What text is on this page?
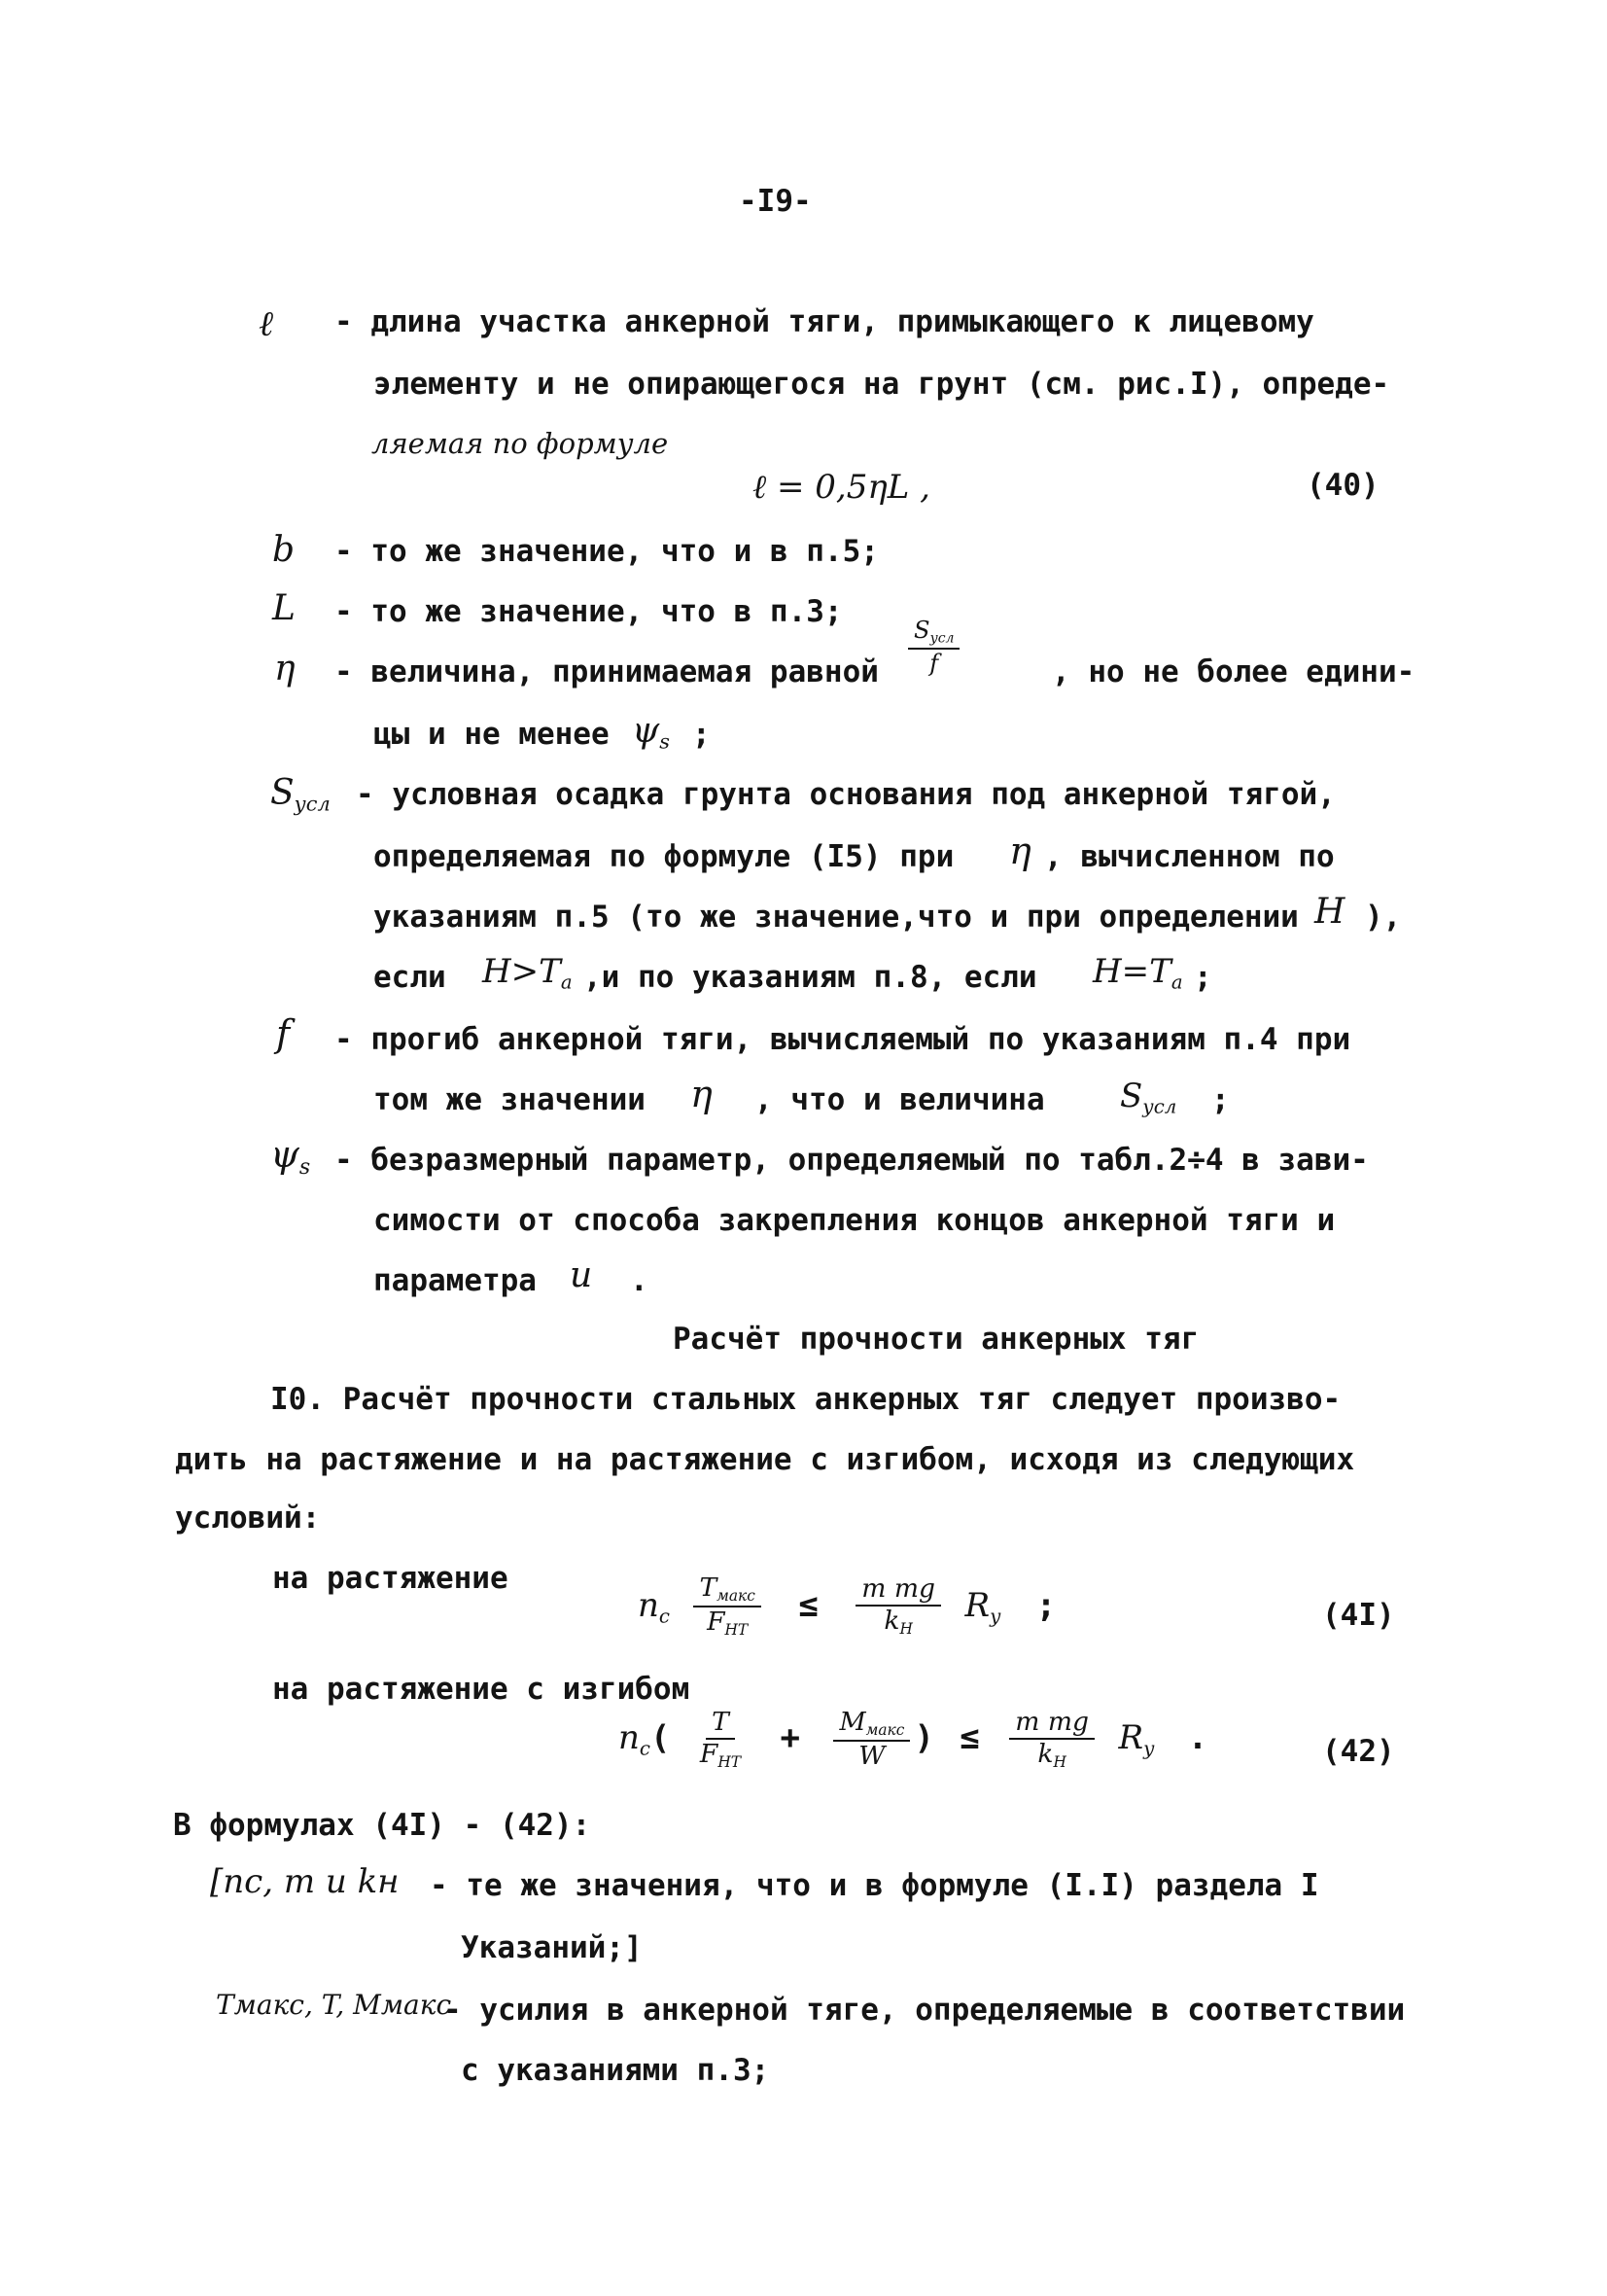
-I9-
ℓ - длина участка анкерной тяги, примыкающего к лицевому
элементу и не опирающегося на грунт (см. рис.I), опреде-
ляемая по формуле
ℓ = 0,5ηL ,	(40)
b - то же значение, что и в п.5;
L - то же значение, что в п.3;
η - величина, принимаемая равной $\frac{S_{усл}}{f}$	, но не более едини-
цы и не менее $\psi_s$ ;
$S_{усл}$ - условная осадка грунта основания под анкерной тягой,
определяемая по формуле (I5) при η , вычисленном по
указаниям п.5 (то же значение,что и при определении H ),
если $H>T_a$ ,и по указаниям п.8, если $H=T_a$ ;
f - прогиб анкерной тяги, вычисляемый по указаниям п.4 при
том же значении η , что и величина $S_{усл}$ ;
$\psi_s$ - безразмерный параметр, определяемый по табл.2÷4 в зави-
симости от способа закрепления концов анкерной тяги и
параметра u .
Расчёт прочности анкерных тяг
I0. Расчёт прочности стальных анкерных тяг следует произво-
дить на растяжение и на растяжение с изгибом, исходя из следующих
условий:
на растяжение
$n_c \frac{T_{макс}}{F_{HT}} \le \frac{\text{m mg}}{k_H} R_y$ ;	(4I)
на растяжение с изгибом
$n_c( \frac{T}{F_{HT}} + \frac{M_{макс}}{W}$ ) ≤ $\frac{\text{m mg}}{k_H} R_y$ .	(42)
В формулах (4I) - (42):
[nс, m и kн - те же значения, что и в формуле (I.I) раздела I
Указаний;]
Tмакс, T, Mмакс
- усилия в анкерной тяге, определяемые в соответствии
с указаниями п.3;
